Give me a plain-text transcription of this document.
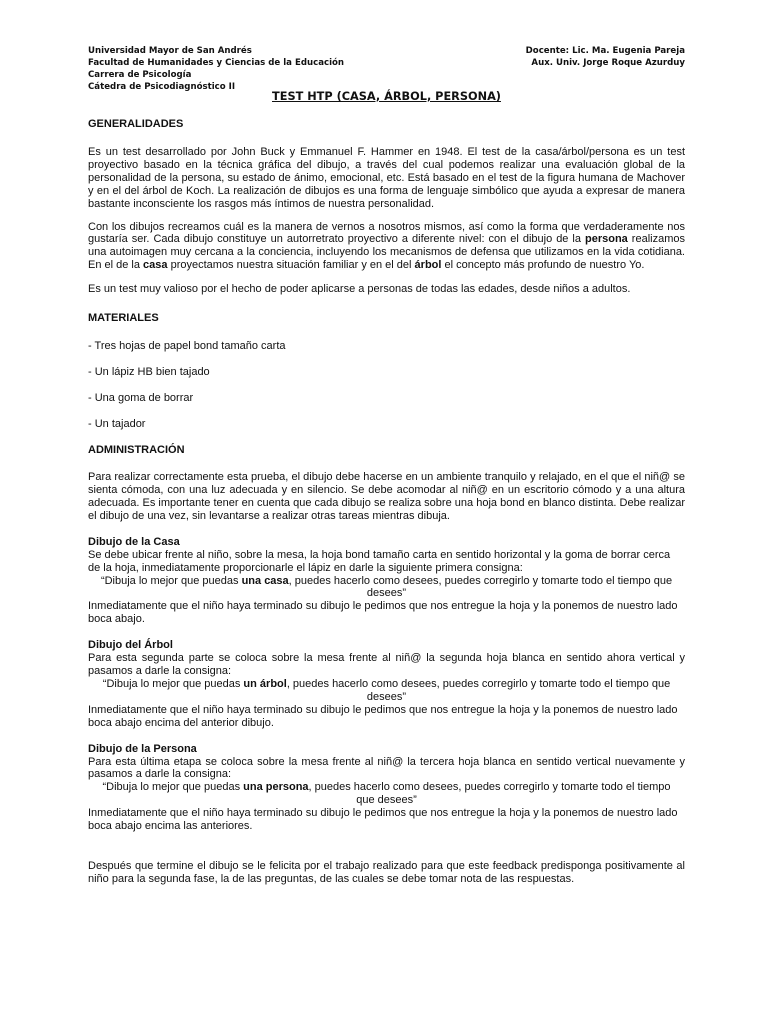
Universidad Mayor de San Andrés
Facultad de Humanidades y Ciencias de la Educación
Carrera de Psicología
Cátedra de Psicodiagnóstico II
Docente: Lic. Ma. Eugenia Pareja
Aux. Univ. Jorge Roque Azurduy
TEST HTP (CASA, ÁRBOL, PERSONA)
GENERALIDADES

Es un test desarrollado por John Buck y Emmanuel F. Hammer en 1948. El test de la casa/árbol/persona es un test proyectivo basado en la técnica gráfica del dibujo, a través del cual podemos realizar una evaluación global de la personalidad de la persona, su estado de ánimo, emocional, etc. Está basado en el test de la figura humana de Machover y en el del árbol de Koch. La realización de dibujos es una forma de lenguaje simbólico que ayuda a expresar de manera bastante inconsciente los rasgos más íntimos de nuestra personalidad.

Con los dibujos recreamos cuál es la manera de vernos a nosotros mismos, así como la forma que verdaderamente nos gustaría ser. Cada dibujo constituye un autorretrato proyectivo a diferente nivel: con el dibujo de la persona realizamos una autoimagen muy cercana a la conciencia, incluyendo los mecanismos de defensa que utilizamos en la vida cotidiana. En el de la casa proyectamos nuestra situación familiar y en el del árbol el concepto más profundo de nuestro Yo.

Es un test muy valioso por el hecho de poder aplicarse a personas de todas las edades, desde niños a adultos.

MATERIALES
- Tres hojas de papel bond tamaño carta
- Un lápiz HB bien tajado
- Una goma de borrar
- Un tajador
ADMINISTRACIÓN

Para realizar correctamente esta prueba, el dibujo debe hacerse en un ambiente tranquilo y relajado, en el que el niñ@ se sienta cómoda, con una luz adecuada y en silencio. Se debe acomodar al niñ@ en un escritorio cómodo y a una altura adecuada. Es importante tener en cuenta que cada dibujo se realiza sobre una hoja bond en blanco distinta. Debe realizar el dibujo de una vez, sin levantarse a realizar otras tareas mientras dibuja.

Dibujo de la Casa

Se debe ubicar frente al niño, sobre la mesa, la hoja bond tamaño carta en sentido horizontal y la goma de borrar cerca de la hoja, inmediatamente proporcionarle el lápiz en darle la siguiente primera consigna:

“Dibuja lo mejor que puedas una casa, puedes hacerlo como desees, puedes corregirlo y tomarte todo el tiempo que desees”

Inmediatamente que el niño haya terminado su dibujo le pedimos que nos entregue la hoja y la ponemos de nuestro lado boca abajo.

Dibujo del Árbol

Para esta segunda parte se coloca sobre la mesa frente al niñ@ la segunda hoja blanca en sentido ahora vertical y pasamos a darle la consigna:

“Dibuja lo mejor que puedas un árbol, puedes hacerlo como desees, puedes corregirlo y tomarte todo el tiempo que desees”

Inmediatamente que el niño haya terminado su dibujo le pedimos que nos entregue la hoja y la ponemos de nuestro lado boca abajo encima del anterior dibujo.

Dibujo de la Persona

Para esta última etapa se coloca sobre la mesa frente al niñ@ la tercera hoja blanca en sentido vertical nuevamente y pasamos a darle la consigna:

“Dibuja lo mejor que puedas una persona, puedes hacerlo como desees, puedes corregirlo y tomarte todo el tiempo que desees”

Inmediatamente que el niño haya terminado su dibujo le pedimos que nos entregue la hoja y la ponemos de nuestro lado boca abajo encima las anteriores.

Después que termine el dibujo se le felicita por el trabajo realizado para que este feedback predisponga positivamente al niño para la segunda fase, la de las preguntas, de las cuales se debe tomar nota de las respuestas.
